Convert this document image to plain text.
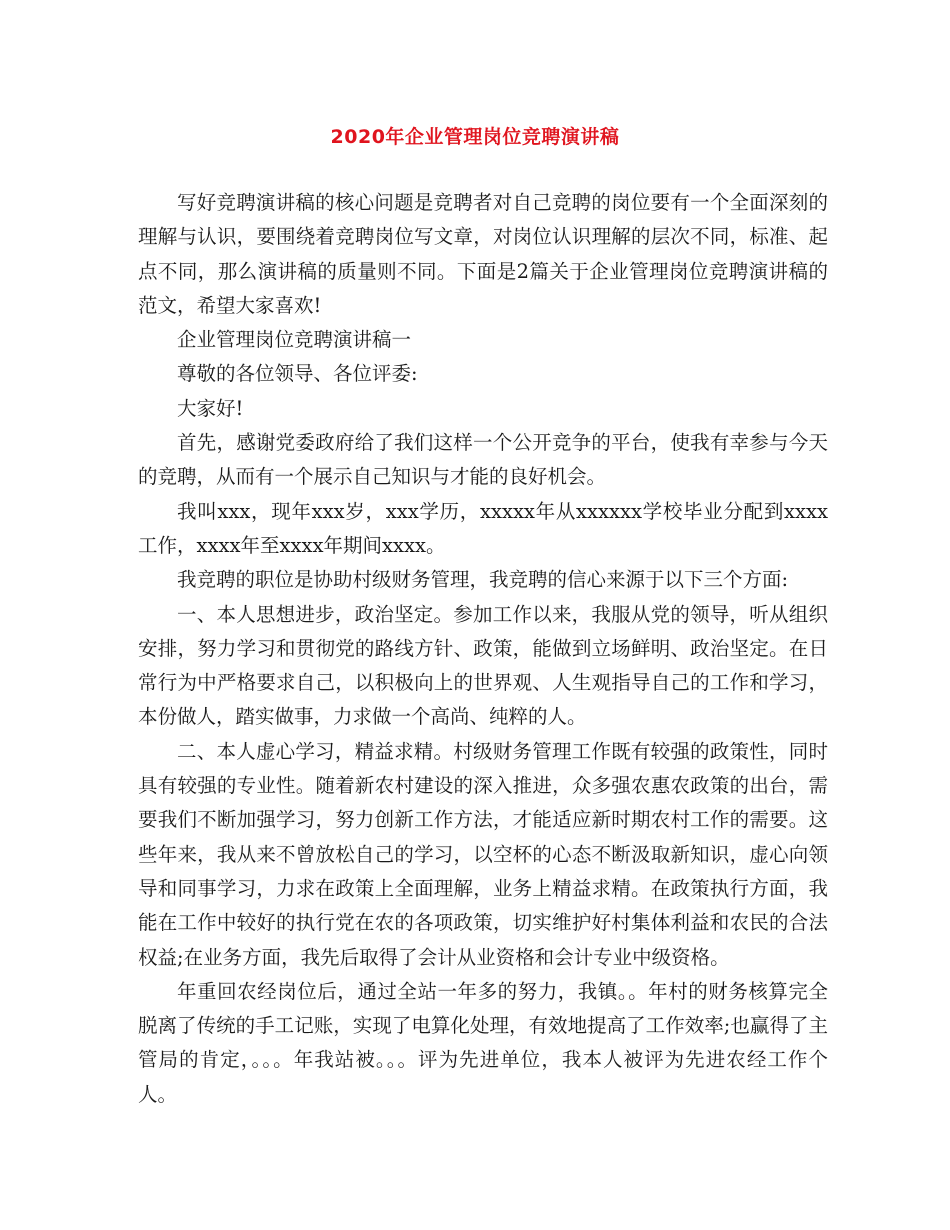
2020年企业管理岗位竞聘演讲稿

写好竞聘演讲稿的核心问题是竞聘者对自己竞聘的岗位要有一个全面深刻的理解与认识，要围绕着竞聘岗位写文章，对岗位认识理解的层次不同，标准、起点不同，那么演讲稿的质量则不同。下面是2篇关于企业管理岗位竞聘演讲稿的范文，希望大家喜欢!

企业管理岗位竞聘演讲稿一

尊敬的各位领导、各位评委:

大家好!

首先，感谢党委政府给了我们这样一个公开竞争的平台，使我有幸参与今天的竞聘，从而有一个展示自己知识与才能的良好机会。

我叫xxx，现年xxx岁，xxx学历，xxxxx年从xxxxxx学校毕业分配到xxxx工作，xxxx年至xxxx年期间xxxx。

我竞聘的职位是协助村级财务管理，我竞聘的信心来源于以下三个方面:

一、本人思想进步，政治坚定。参加工作以来，我服从党的领导，听从组织安排，努力学习和贯彻党的路线方针、政策，能做到立场鲜明、政治坚定。在日常行为中严格要求自己，以积极向上的世界观、人生观指导自己的工作和学习，本份做人，踏实做事，力求做一个高尚、纯粹的人。

二、本人虚心学习，精益求精。村级财务管理工作既有较强的政策性，同时具有较强的专业性。随着新农村建设的深入推进，众多强农惠农政策的出台，需要我们不断加强学习，努力创新工作方法，才能适应新时期农村工作的需要。这些年来，我从来不曾放松自己的学习，以空杯的心态不断汲取新知识，虚心向领导和同事学习，力求在政策上全面理解，业务上精益求精。在政策执行方面，我能在工作中较好的执行党在农的各项政策，切实维护好村集体利益和农民的合法权益;在业务方面，我先后取得了会计从业资格和会计专业中级资格。

年重回农经岗位后，通过全站一年多的努力，我镇。。年村的财务核算完全脱离了传统的手工记账，实现了电算化处理，有效地提高了工作效率;也赢得了主管局的肯定，。。。年我站被。。。评为先进单位，我本人被评为先进农经工作个人。
